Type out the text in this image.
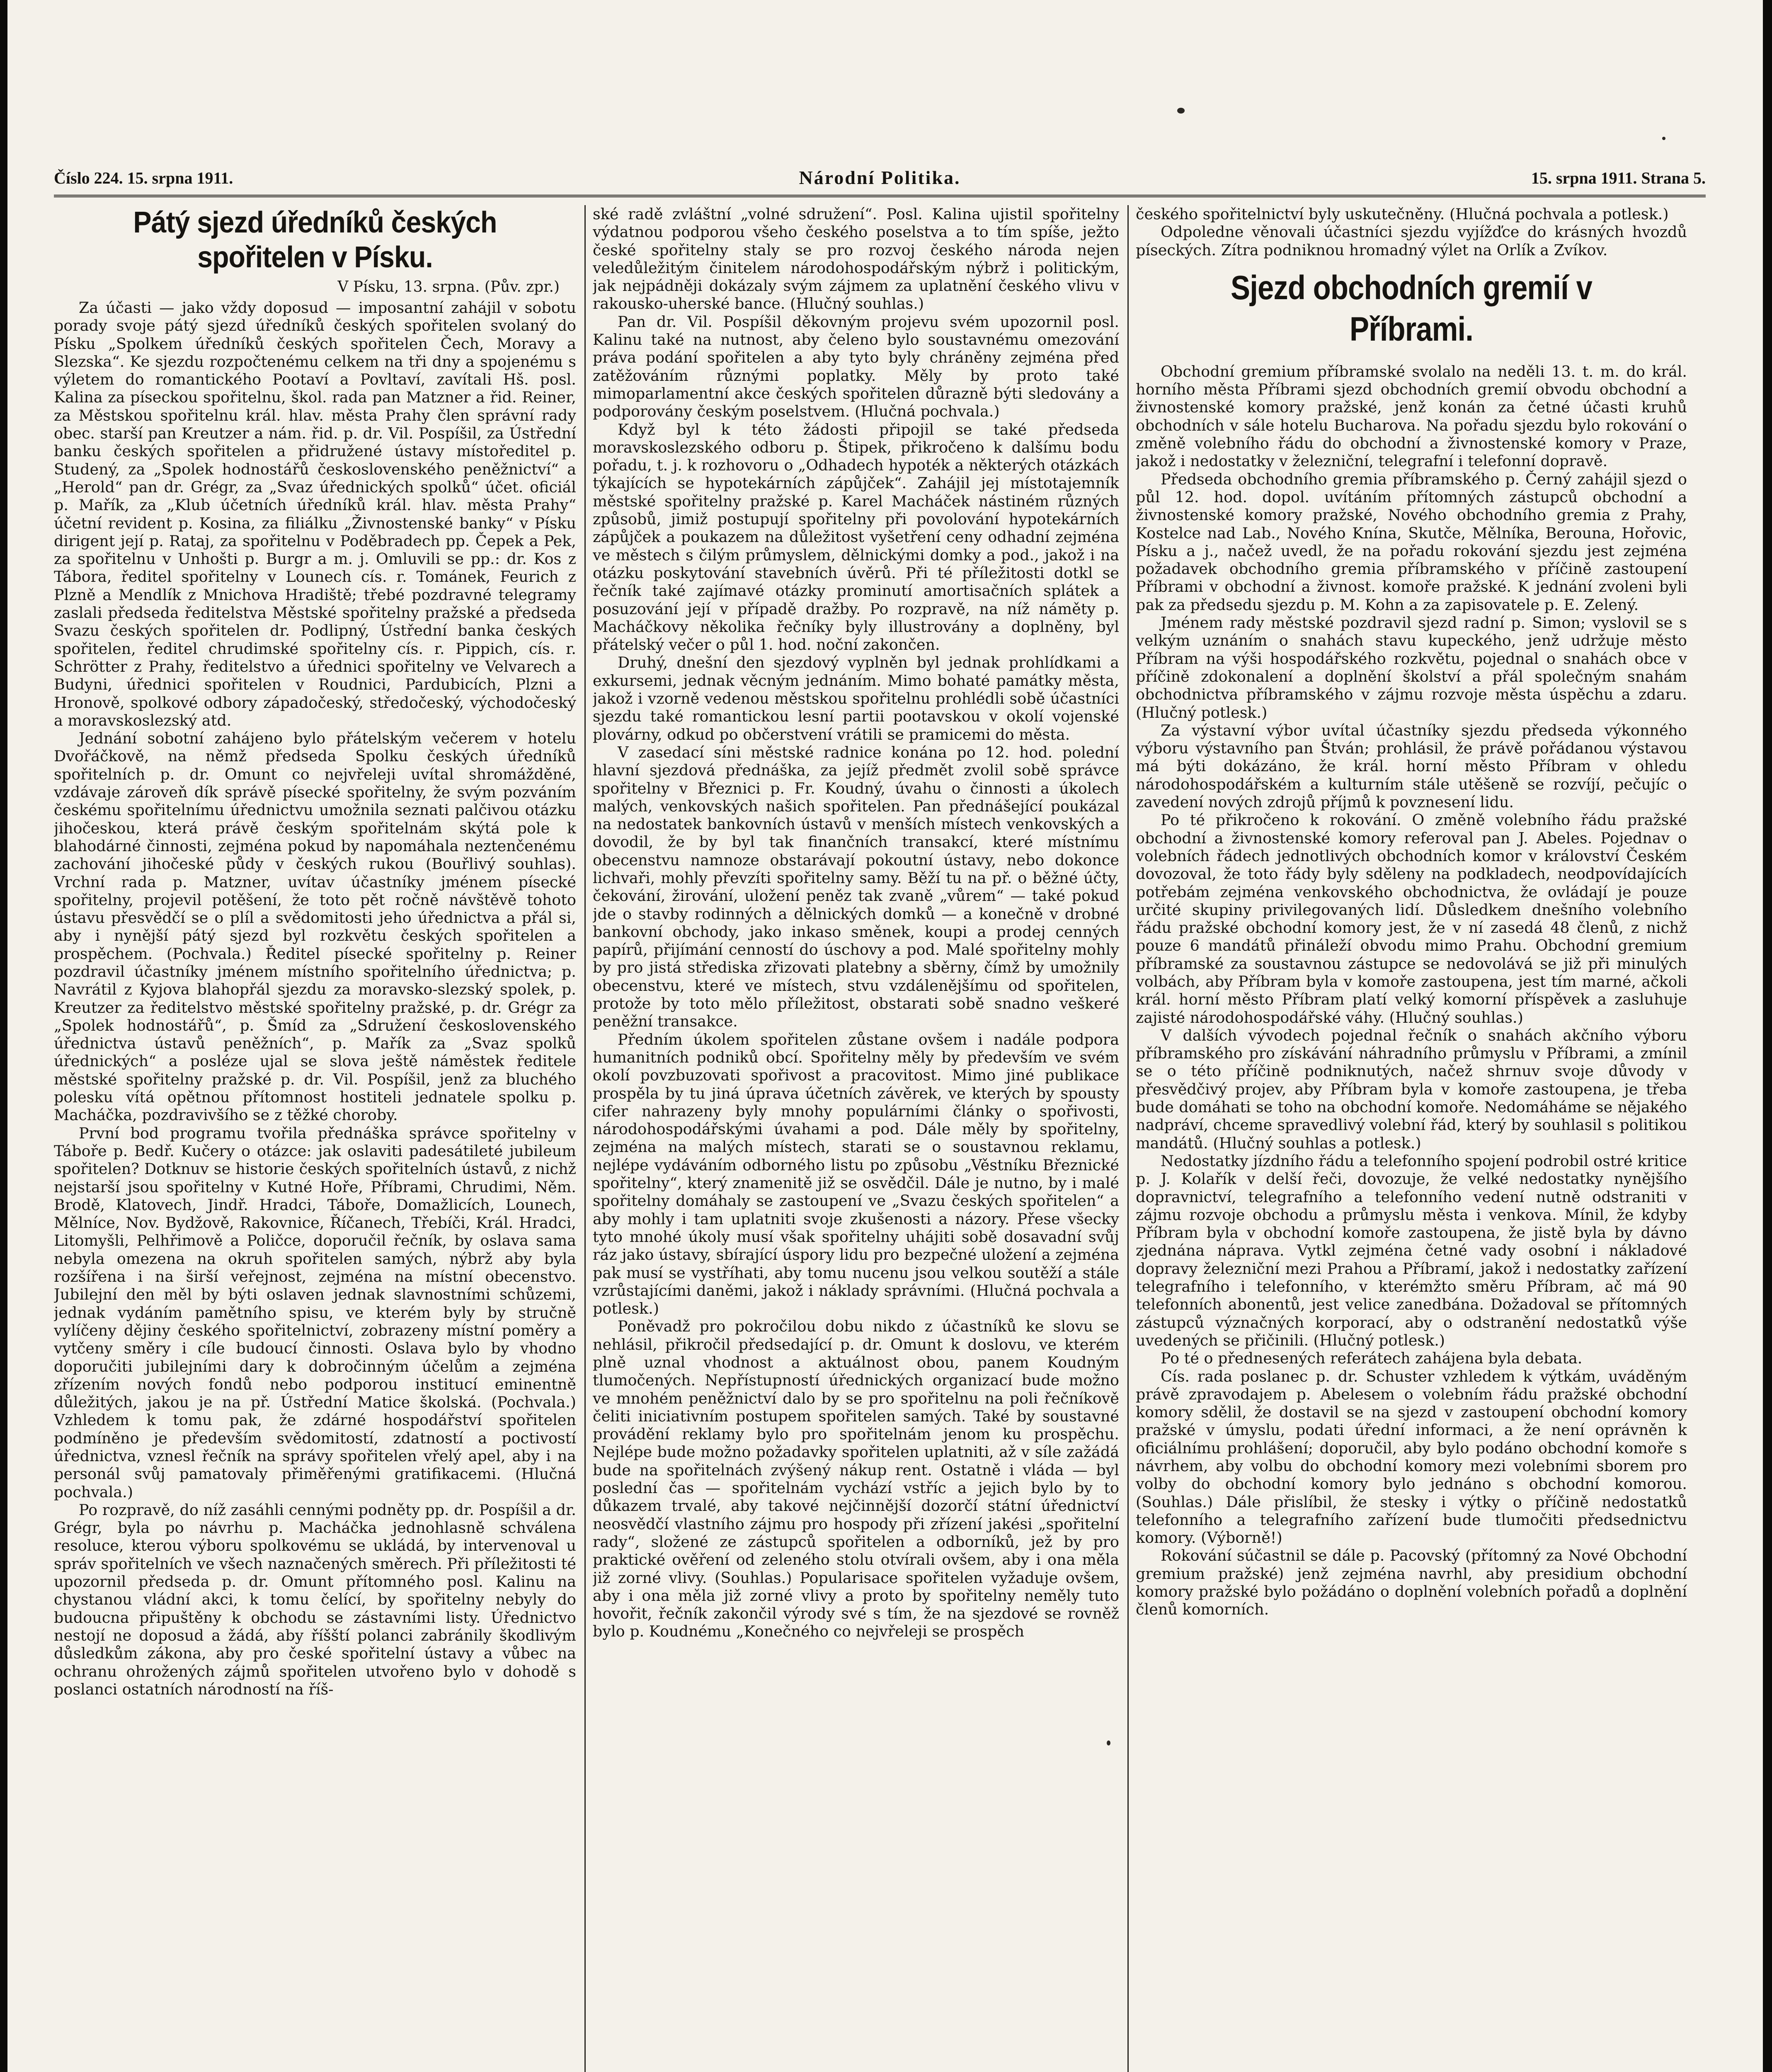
Číslo 224. 15. srpna 1911.	Národní Politika.	15. srpna 1911. Strana 5.
Pátý sjezd úředníků českých spořitelen v Písku.
V Písku, 13. srpna. (Pův. zpr.)

Za účasti — jako vždy doposud — imposantní zahájil v sobotu porady svoje pátý sjezd úředníků českých spořitelen svolaný do Písku „Spolkem úředníků českých spořitelen Čech, Moravy a Slezska“. Ke sjezdu rozpočtenému celkem na tři dny a spojenému s výletem do romantického Pootaví a Povltaví, zavítali Hš. posl. Kalina za píseckou spořitelnu, škol. rada pan Matzner a řid. Reiner, za Městskou spořitelnu král. hlav. města Prahy člen správní rady obec. starší pan Kreutzer a nám. řid. p. dr. Vil. Pospíšil, za Ústřední banku českých spořitelen a přidružené ústavy místoředitel p. Studený, za „Spolek hodnostářů československého peněžnictví“ a „Herold“ pan dr. Grégr, za „Svaz úřednických spolků“ účet. oficiál p. Mařík, za „Klub účetních úředníků král. hlav. města Prahy“ účetní revident p. Kosina, za filiálku „Živnostenské banky“ v Písku dirigent její p. Rataj, za spořitelnu v Poděbradech pp. Čepek a Pek, za spořitelnu v Unhošti p. Burgr a m. j. Omluvili se pp.: dr. Kos z Tábora, ředitel spořitelny v Lounech cís. r. Tománek, Feurich z Plzně a Mendlík z Mnichova Hradiště; třebé pozdravné telegramy zaslali předseda ředitelstva Městské spořitelny pražské a předseda Svazu českých spořitelen dr. Podlipný, Ústřední banka českých spořitelen, ředitel chrudimské spořitelny cís. r. Pippich, cís. r. Schrötter z Prahy, ředitelstvo a úřednici spořitelny ve Velvarech a Budyni, úřednici spořitelen v Roudnici, Pardubicích, Plzni a Hronově, spolkové odbory západočeský, středočeský, východočeský a moravskoslezský atd.

Jednání sobotní zahájeno bylo přátelským večerem v hotelu Dvořáčkově, na němž předseda Spolku českých úředníků spořitelních p. dr. Omunt co nejvřeleji uvítal shromážděné, vzdávaje zároveň dík správě písecké spořitelny, že svým pozváním českému spořitelnímu úřednictvu umožnila seznati palčivou otázku jihočeskou, která právě českým spořitelnám skýtá pole k blahodárné činnosti, zejména pokud by napomáhala neztenčenému zachování jihočeské půdy v českých rukou (Bouřlivý souhlas). Vrchní rada p. Matzner, uvítav účastníky jménem písecké spořitelny, projevil potěšení, že toto pět ročně návštěvě tohoto ústavu přesvědčí se o plíl a svědomitosti jeho úřednictva a přál si, aby i nynější pátý sjezd byl rozkvětu českých spořitelen a prospěchem. (Pochvala.) Ředitel písecké spořitelny p. Reiner pozdravil účastníky jménem místního spořitelního úřednictva; p. Navrátil z Kyjova blahopřál sjezdu za moravsko-slezský spolek, p. Kreutzer za ředitelstvo městské spořitelny pražské, p. dr. Grégr za „Spolek hodnostářů“, p. Šmíd za „Sdružení československého úřednictva ústavů peněžních“, p. Mařík za „Svaz spolků úřednických“ a posléze ujal se slova ještě náměstek ředitele městské spořitelny pražské p. dr. Vil. Pospíšil, jenž za bluchého polesku vítá opětnou přítomnost hostiteli jednatele spolku p. Macháčka, pozdravivšího se z těžké choroby.

První bod programu tvořila přednáška správce spořitelny v Táboře p. Bedř. Kučery o otázce: jak oslaviti padesátileté jubileum spořitelen? Dotknuv se historie českých spořitelních ústavů, z nichž nejstarší jsou spořitelny v Kutné Hoře, Příbrami, Chrudimi, Něm. Brodě, Klatovech, Jindř. Hradci, Táboře, Domažlicích, Lounech, Mělníce, Nov. Bydžově, Rakovnice, Říčanech, Třebíči, Král. Hradci, Litomyšli, Pelhřimově a Poličce, doporučil řečník, by oslava sama nebyla omezena na okruh spořitelen samých, nýbrž aby byla rozšířena i na širší veřejnost, zejména na místní obecenstvo. Jubilejní den měl by býti oslaven jednak slavnostními schůzemi, jednak vydáním pamětního spisu, ve kterém byly by stručně vylíčeny dějiny českého spořitelnictví, zobrazeny místní poměry a vytčeny směry i cíle budoucí činnosti. Oslava bylo by vhodno doporučiti jubilejními dary k dobročinným účelům a zejména zřízením nových fondů nebo podporou institucí eminentně důležitých, jakou je na př. Ústřední Matice školská. (Pochvala.) Vzhledem k tomu pak, že zdárné hospodářství spořitelen podmíněno je především svědomitostí, zdatností a poctivostí úřednictva, vznesl řečník na správy spořitelen vřelý apel, aby i na personál svůj pamatovaly přiměřenými gratifikacemi. (Hlučná pochvala.)

Po rozpravě, do níž zasáhli cennými podněty pp. dr. Pospíšil a dr. Grégr, byla po návrhu p. Macháčka jednohlasně schválena resoluce, kterou výboru spolkovému se ukládá, by intervenoval u správ spořitelních ve všech naznačených směrech. Při příležitosti té upozornil předseda p. dr. Omunt přítomného posl. Kalinu na chystanou vládní akci, k tomu čelící, by spořitelny nebyly do budoucna připuštěny k obchodu se zástavními listy. Úřednictvo nestojí ne doposud a žádá, aby říšští polanci zabránily škodlivým důsledkům zákona, aby pro české spořitelní ústavy a vůbec na ochranu ohrožených zájmů spořitelen utvořeno bylo v dohodě s poslanci ostatních národností na říš-

ské radě zvláštní „volné sdružení“. Posl. Kalina ujistil spořitelny výdatnou podporou všeho českého poselstva a to tím spíše, ježto české spořitelny staly se pro rozvoj českého národa nejen veledůležitým činitelem národohospodářským nýbrž i politickým, jak nejpádněji dokázaly svým zájmem za uplatnění českého vlivu v rakousko-uherské bance. (Hlučný souhlas.)

Pan dr. Vil. Pospíšil děkovným projevu svém upozornil posl. Kalinu také na nutnost, aby čeleno bylo soustavnému omezování práva podání spořitelen a aby tyto byly chráněny zejména před zatěžováním různými poplatky. Měly by proto také mimoparlamentní akce českých spořitelen důrazně býti sledovány a podporovány českým poselstvem. (Hlučná pochvala.)

Když byl k této žádosti připojil se také předseda moravskoslezského odboru p. Štipek, přikročeno k dalšímu bodu pořadu, t. j. k rozhovoru o „Odhadech hypoték a některých otázkách týkajících se hypotekárních zápůjček“. Zahájil jej místotajemník městské spořitelny pražské p. Karel Macháček nástiném různých způsobů, jimiž postupují spořitelny při povolování hypotekárních zápůjček a poukazem na důležitost vyšetření ceny odhadní zejména ve městech s čilým průmyslem, dělnickými domky a pod., jakož i na otázku poskytování stavebních úvěrů. Při té příležitosti dotkl se řečník také zajímavé otázky prominutí amortisačních splátek a posuzování její v případě dražby. Po rozpravě, na níž náměty p. Macháčkovy několika řečníky byly illustrovány a doplněny, byl přátelský večer o půl 1. hod. noční zakončen.

Druhý, dnešní den sjezdový vyplněn byl jednak prohlídkami a exkursemi, jednak věcným jednáním. Mimo bohaté památky města, jakož i vzorně vedenou městskou spořitelnu prohlédli sobě účastníci sjezdu také romantickou lesní partii pootavskou v okolí vojenské plovárny, odkud po občerstvení vrátili se pramicemi do města.

V zasedací síni městské radnice konána po 12. hod. polední hlavní sjezdová přednáška, za jejíž předmět zvolil sobě správce spořitelny v Březnici p. Fr. Koudný, úvahu o činnosti a úkolech malých, venkovských našich spořitelen. Pan přednášející poukázal na nedostatek bankovních ústavů v menších místech venkovských a dovodil, že by byl tak finančních transakcí, které místnímu obecenstvu namnoze obstarávají pokoutní ústavy, nebo dokonce lichvaři, mohly převzíti spořitelny samy. Běží tu na př. o běžné účty, čekování, žirování, uložení peněz tak zvaně „vůrem“ — také pokud jde o stavby rodinných a dělnických domků — a konečně v drobné bankovní obchody, jako inkaso směnek, koupi a prodej cenných papírů, přijímání cenností do úschovy a pod. Malé spořitelny mohly by pro jistá střediska zřizovati platebny a sběrny, čímž by umožnily obecenstvu, které ve místech, stvu vzdálenějšímu od spořitelen, protože by toto mělo příležitost, obstarati sobě snadno veškeré peněžní transakce.

Předním úkolem spořitelen zůstane ovšem i nadále podpora humanitních podniků obcí. Spořitelny měly by především ve svém okolí povzbuzovati spořivost a pracovitost. Mimo jiné publikace prospěla by tu jiná úprava účetních závěrek, ve kterých by spousty cifer nahrazeny byly mnohy populárními články o spořivosti, národohospodářskými úvahami a pod. Dále měly by spořitelny, zejména na malých místech, starati se o soustavnou reklamu, nejlépe vydáváním odborného listu po způsobu „Věstníku Březnické spořitelny“, který znamenitě již se osvědčil. Dále je nutno, by i malé spořitelny domáhaly se zastoupení ve „Svazu českých spořitelen“ a aby mohly i tam uplatniti svoje zkušenosti a názory. Přese všecky tyto mnohé úkoly musí však spořitelny uhájiti sobě dosavadní svůj ráz jako ústavy, sbírající úspory lidu pro bezpečné uložení a zejména pak musí se vystříhati, aby tomu nucenu jsou velkou soutěží a stále vzrůstajícími daněmi, jakož i náklady správními. (Hlučná pochvala a potlesk.)

Poněvadž pro pokročilou dobu nikdo z účastníků ke slovu se nehlásil, přikročil předsedající p. dr. Omunt k doslovu, ve kterém plně uznal vhodnost a aktuálnost obou, panem Koudným tlumočených. Nepřístupností úřednických organizací bude možno ve mnohém peněžnictví dalo by se pro spořitelnu na poli řečníkově čeliti iniciativním postupem spořitelen samých. Také by soustavné provádění reklamy bylo pro spořitelnám jenom ku prospěchu. Nejlépe bude možno požadavky spořitelen uplatniti, až v síle zažádá bude na spořitelnách zvýšený nákup rent. Ostatně i vláda — byl poslední čas — spořitelnám vychází vstříc a jejich bylo by to důkazem trvalé, aby takové nejčinnější dozorčí státní úřednictví neosvědčí vlastního zájmu pro hospody při zřízení jakési „spořitelní rady“, složené ze zástupců spořitelen a odborníků, jež by pro praktické ověření od zeleného stolu otvírali ovšem, aby i ona měla již zorné vlivy. (Souhlas.) Popularisace spořitelen vyžaduje ovšem, aby i ona měla již zorné vlivy a proto by spořitelny neměly tuto hovořit, řečník zakončil výrody své s tím, že na sjezdové se rovněž bylo p. Koudnému „Konečného co nejvřeleji se prospěch

českého spořitelnictví byly uskutečněny. (Hlučná pochvala a potlesk.)

Odpoledne věnovali účastníci sjezdu vyjížďce do krásných hvozdů píseckých. Zítra podniknou hromadný výlet na Orlík a Zvíkov.

Sjezd obchodních gremií v Příbrami.

Obchodní gremium příbramské svolalo na neděli 13. t. m. do král. horního města Příbrami sjezd obchodních gremií obvodu obchodní a živnostenské komory pražské, jenž konán za četné účasti kruhů obchodních v sále hotelu Bucharova. Na pořadu sjezdu bylo rokování o změně volebního řádu do obchodní a živnostenské komory v Praze, jakož i nedostatky v železniční, telegrafní i telefonní dopravě.

Předseda obchodního gremia příbramského p. Černý zahájil sjezd o půl 12. hod. dopol. uvítáním přítomných zástupců obchodní a živnostenské komory pražské, Nového obchodního gremia z Prahy, Kostelce nad Lab., Nového Knína, Skutče, Mělníka, Berouna, Hořovic, Písku a j., načež uvedl, že na pořadu rokování sjezdu jest zejména požadavek obchodního gremia příbramského v příčině zastoupení Příbrami v obchodní a živnost. komoře pražské. K jednání zvoleni byli pak za předsedu sjezdu p. M. Kohn a za zapisovatele p. E. Zelený.

Jménem rady městské pozdravil sjezd radní p. Simon; vyslovil se s velkým uznáním o snahách stavu kupeckého, jenž udržuje město Příbram na výši hospodářského rozkvětu, pojednal o snahách obce v příčině zdokonalení a doplnění školství a přál společným snahám obchodnictva příbramského v zájmu rozvoje města úspěchu a zdaru. (Hlučný potlesk.)

Za výstavní výbor uvítal účastníky sjezdu předseda výkonného výboru výstavního pan Štván; prohlásil, že právě pořádanou výstavou má býti dokázáno, že král. horní město Příbram v ohledu národohospodářském a kulturním stále utěšeně se rozvíjí, pečujíc o zavedení nových zdrojů příjmů k povznesení lidu.

Po té přikročeno k rokování. O změně volebního řádu pražské obchodní a živnostenské komory referoval pan J. Abeles. Pojednav o volebních řádech jednotlivých obchodních komor v království Českém dovozoval, že toto řády byly sděleny na podkladech, neodpovídajících potřebám zejména venkovského obchodnictva, že ovládají je pouze určité skupiny privilegovaných lidí. Důsledkem dnešního volebního řádu pražské obchodní komory jest, že v ní zasedá 48 členů, z nichž pouze 6 mandátů přináleží obvodu mimo Prahu. Obchodní gremium příbramské za soustavnou zástupce se nedovolává se již při minulých volbách, aby Příbram byla v komoře zastoupena, jest tím marné, ačkoli král. horní město Příbram platí velký komorní příspěvek a zasluhuje zajisté národohospodářské váhy. (Hlučný souhlas.)

V dalších vývodech pojednal řečník o snahách akčního výboru příbramského pro získávání náhradního průmyslu v Příbrami, a zmínil se o této příčině podniknutých, načež shrnuv svoje důvody v přesvědčivý projev, aby Příbram byla v komoře zastoupena, je třeba bude domáhati se toho na obchodní komoře. Nedomáháme se nějakého nadpráví, chceme spravedlivý volební řád, který by souhlasil s politikou mandátů. (Hlučný souhlas a potlesk.)

Nedostatky jízdního řádu a telefonního spojení podrobil ostré kritice p. J. Kolařík v delší řeči, dovozuje, že velké nedostatky nynějšího dopravnictví, telegrafního a telefonního vedení nutně odstraniti v zájmu rozvoje obchodu a průmyslu města i venkova. Mínil, že kdyby Příbram byla v obchodní komoře zastoupena, že jistě byla by dávno zjednána náprava. Vytkl zejména četné vady osobní i nákladové dopravy železniční mezi Prahou a Příbramí, jakož i nedostatky zařízení telegrafního i telefonního, v kterémžto směru Příbram, ač má 90 telefonních abonentů, jest velice zanedbána. Dožadoval se přítomných zástupců význačných korporací, aby o odstranění nedostatků výše uvedených se přičinili. (Hlučný potlesk.)

Po té o přednesených referátech zahájena byla debata.

Cís. rada poslanec p. dr. Schuster vzhledem k výtkám, uváděným právě zpravodajem p. Abelesem o volebním řádu pražské obchodní komory sdělil, že dostavil se na sjezd v zastoupení obchodní komory pražské v úmyslu, podati úřední informaci, a že není oprávněn k oficiálnímu prohlášení; doporučil, aby bylo podáno obchodní komoře s návrhem, aby volbu do obchodní komory mezi volebními sborem pro volby do obchodní komory bylo jednáno s obchodní komorou. (Souhlas.) Dále přislíbil, že stesky i výtky o příčině nedostatků telefonního a telegrafního zařízení bude tlumočiti předsednictvu komory. (Výborně!)

Rokování súčastnil se dále p. Pacovský (přítomný za Nové Obchodní gremium pražské) jenž zejména navrhl, aby presidium obchodní komory pražské bylo požádáno o doplnění volebních pořadů a doplnění členů komorních.
